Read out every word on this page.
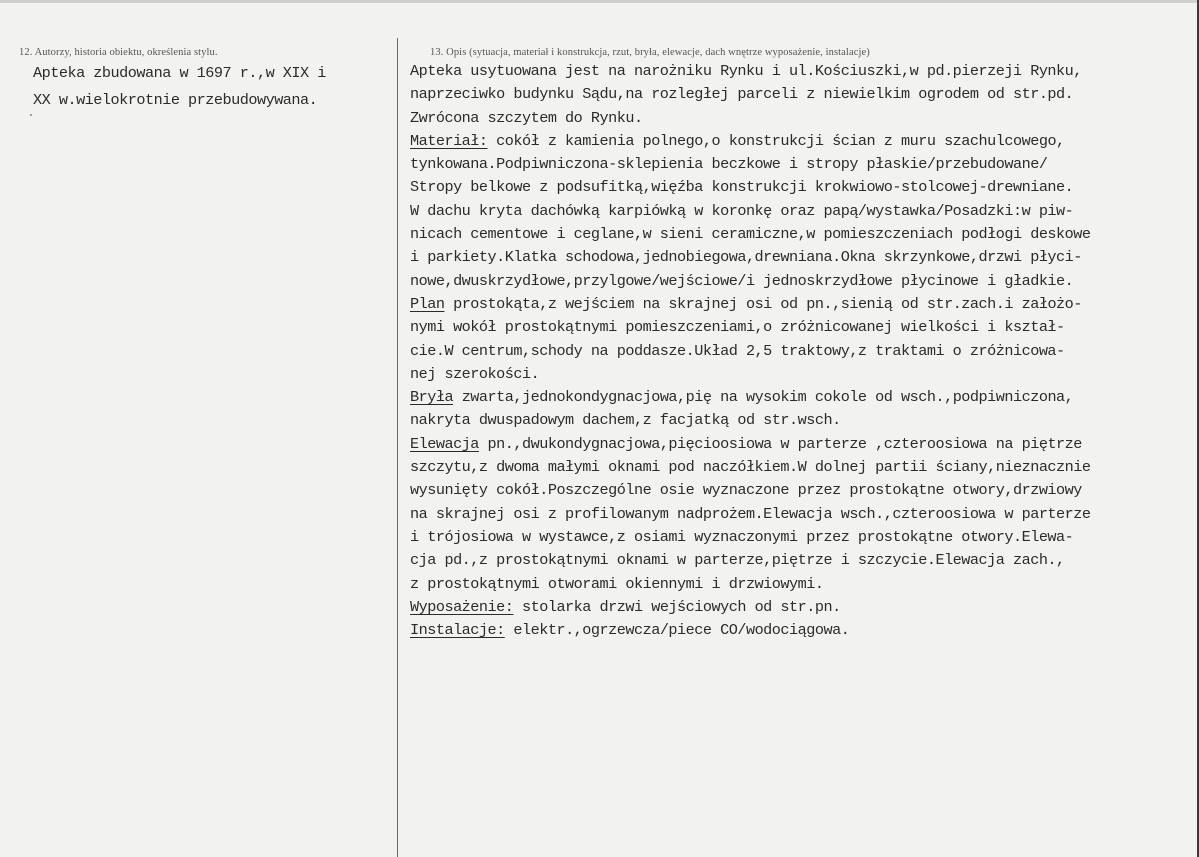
12. Autorzy, historia obiektu, określenia stylu.	13. Opis (sytuacja, materiał i konstrukcja, rzut, bryła, elewacje, dach wnętrze wyposażenie, instalacje)
Apteka zbudowana w 1697 r.,w XIX i
XX w.wielokrotnie przebudowywana.
Apteka usytuowana jest na narożniku Rynku i ul.Kościuszki,w pd.pierzeji Rynku,
naprzeciwko budynku Sądu,na rozległej parceli z niewielkim ogrodem od str.pd.
Zwrócona szczytem do Rynku.
Materiał: cokół z kamienia polnego,o konstrukcji ścian z muru szachulcowego,
tynkowana.Podpiwniczona-sklepienia beczkowe i stropy płaskie/przebudowane/
Stropy belkowe z podsufitką,więźba konstrukcji krokwiowo-stolcowej-drewniane.
W dachu kryta dachówką karpiówką w koronkę oraz papą/wystawka/Posadzki:w piw-
nicach cementowe i ceglane,w sieni ceramiczne,w pomieszczeniach podłogi deskowe
i parkiety.Klatka schodowa,jednobiegowa,drewniana.Okna skrzynkowe,drzwi płyci-
nowe,dwuskrzydłowe,przylgowe/wejściowe/i jednoskrzydłowe płycinowe i gładkie.
Plan prostokąta,z wejściem na skrajnej osi od pn.,sienią od str.zach.i założo-
nymi wokół prostokątnymi pomieszczeniami,o zróżnicowanej wielkości i kształ-
cie.W centrum,schody na poddasze.Układ 2,5 traktowy,z traktami o zróżnicowa-
nej szerokości.
Bryła zwarta,jednokondygnacjowa,pię na wysokim cokole od wsch.,podpiwniczona,
nakryta dwuspadowym dachem,z facjatką od str.wsch.
Elewacja pn.,dwukondygnacjowa,pięcioosiowa w parterze ,czteroosiowa na piętrze
szczytu,z dwoma małymi oknami pod naczółkiem.W dolnej partii ściany,nieznacznie
wysunięty cokół.Poszczególne osie wyznaczone przez prostokątne otwory,drzwiowy
na skrajnej osi z profilowanym nadprożem.Elewacja wsch.,czteroosiowa w parterze
i trójosiowa w wystawce,z osiami wyznaczonymi przez prostokątne otwory.Elewa-
cja pd.,z prostokątnymi oknami w parterze,piętrze i szczycie.Elewacja zach.,
z prostokątnymi otworami okiennymi i drzwiowymi.
Wyposażenie: stolarka drzwi wejściowych od str.pn.
Instalacje: elektr.,ogrzewcza/piece CO/wodociągowa.
